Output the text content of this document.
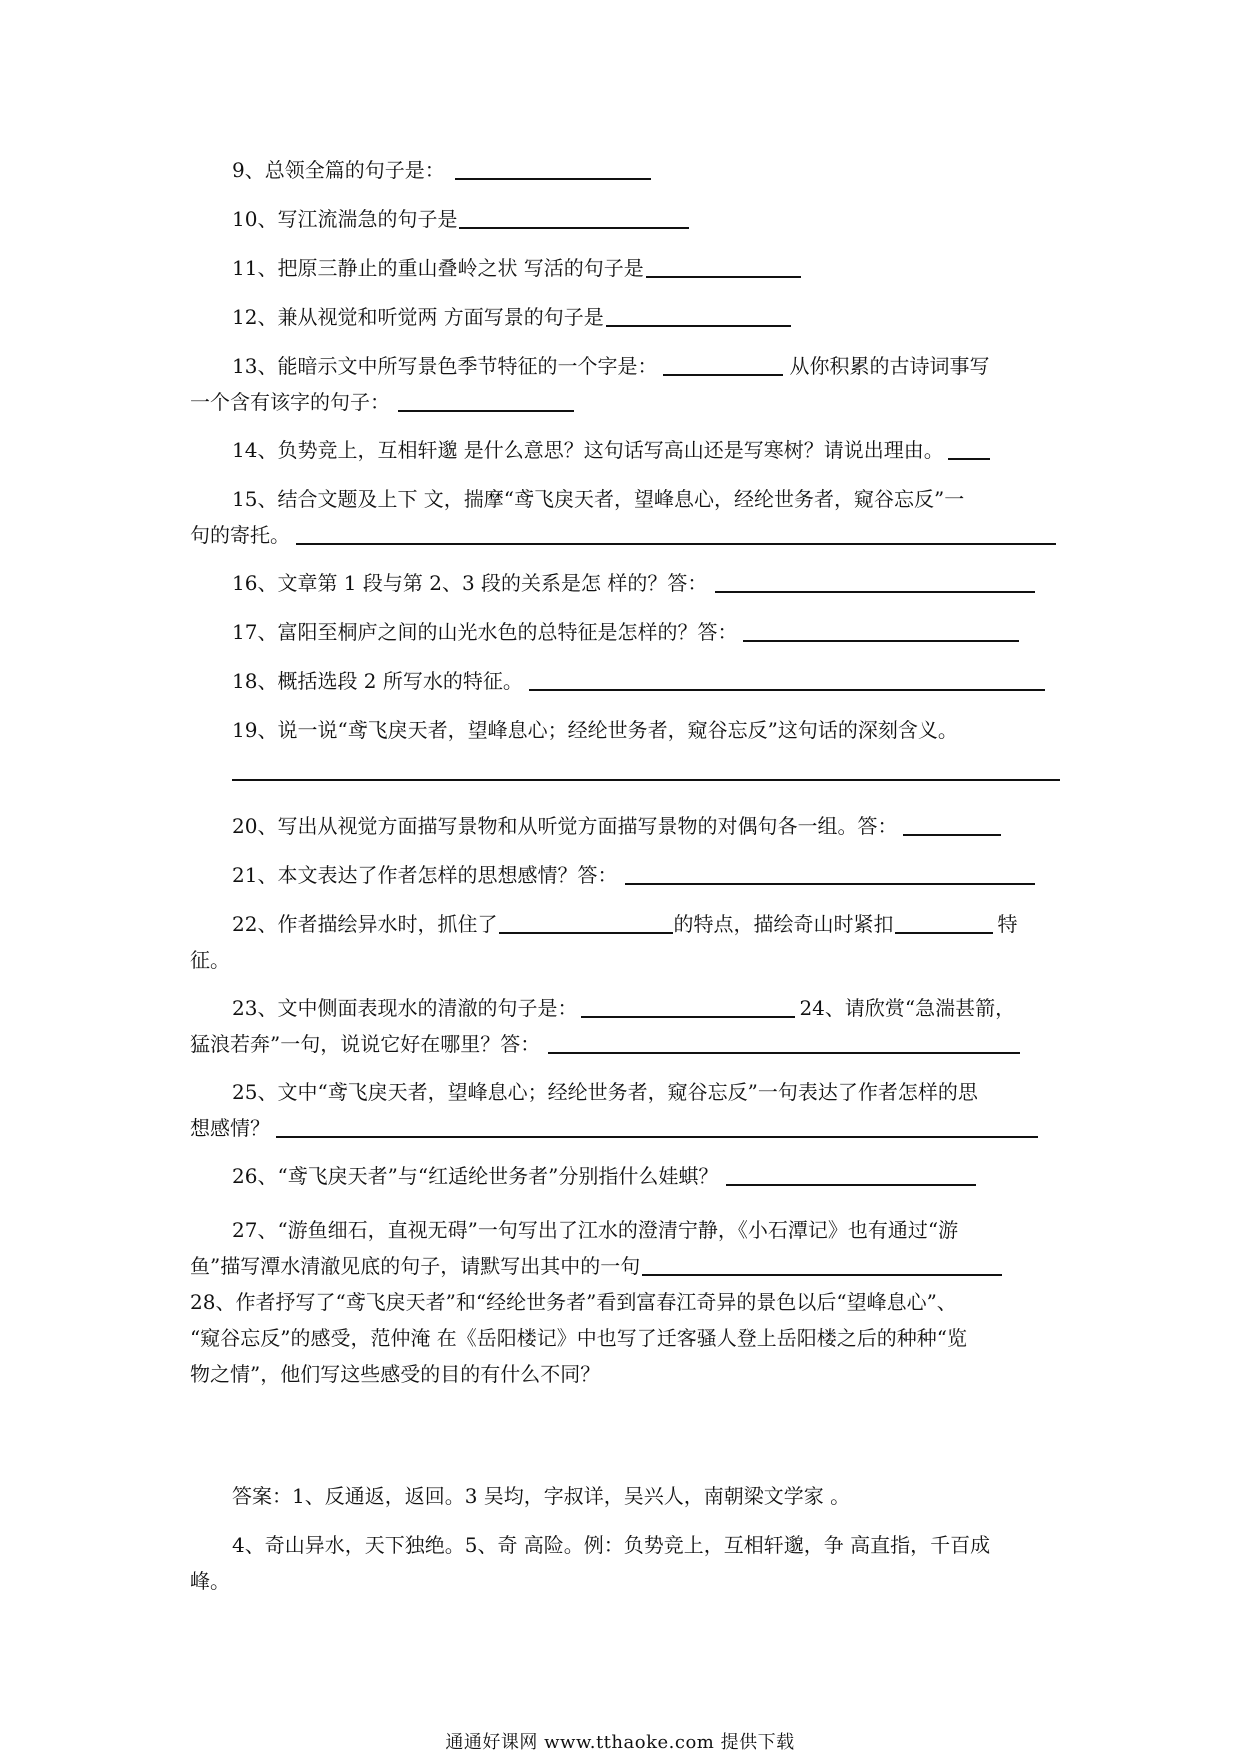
9、总领全篇的句子是：
10、写江流湍急的句子是
11、把原三静止的重山叠岭之状 写活的句子是
12、兼从视觉和听觉两 方面写景的句子是
13、能暗示文中所写景色季节特征的一个字是：	从你积累的古诗词事写
一个含有该字的句子：
14、负势竞上，互相轩邈 是什么意思？这句话写高山还是写寒树？请说出理由。
15、结合文题及上下 文，揣摩“鸢飞戾天者，望峰息心，经纶世务者，窥谷忘反”一
句的寄托。
16、文章第 1 段与第 2、3 段的关系是怎 样的？答：
17、富阳至桐庐之间的山光水色的总特征是怎样的？答：
18、概括选段 2 所写水的特征。
19、说一说“鸢飞戾天者，望峰息心；经纶世务者，窥谷忘反”这句话的深刻含义。
20、写出从视觉方面描写景物和从听觉方面描写景物的对偶句各一组。答：
21、本文表达了作者怎样的思想感情？答：
22、作者描绘异水时，抓住了	的特点，描绘奇山时紧扣	特
征。
23、文中侧面表现水的清澈的句子是：	24、请欣赏“急湍甚箭，
猛浪若奔”一句，说说它好在哪里？答：
25、文中“鸢飞戾天者，望峰息心；经纶世务者，窥谷忘反”一句表达了作者怎样的思
想感情？
26、“鸢飞戾天者”与“红适纶世务者”分别指什么娃蜞？
27、“游鱼细石，直视无碍”一句写出了江水的澄清宁静，《小石潭记》也有通过“游
鱼”描写潭水清澈见底的句子，请默写出其中的一句
28、作者抒写了“鸢飞戾天者”和“经纶世务者”看到富春江奇异的景色以后“望峰息心”、
“窥谷忘反”的感受，范仲淹 在《岳阳楼记》中也写了迁客骚人登上岳阳楼之后的种种“览
物之情”，他们写这些感受的目的有什么不同？
答案：1、反通返，返回。3 吴均，字叔详，吴兴人，南朝梁文学家 。
4、奇山异水，天下独绝。5、奇 高险。例：负势竞上，互相轩邈，争 高直指，千百成
峰。
通通好课网 www.tthaoke.com 提供下载
